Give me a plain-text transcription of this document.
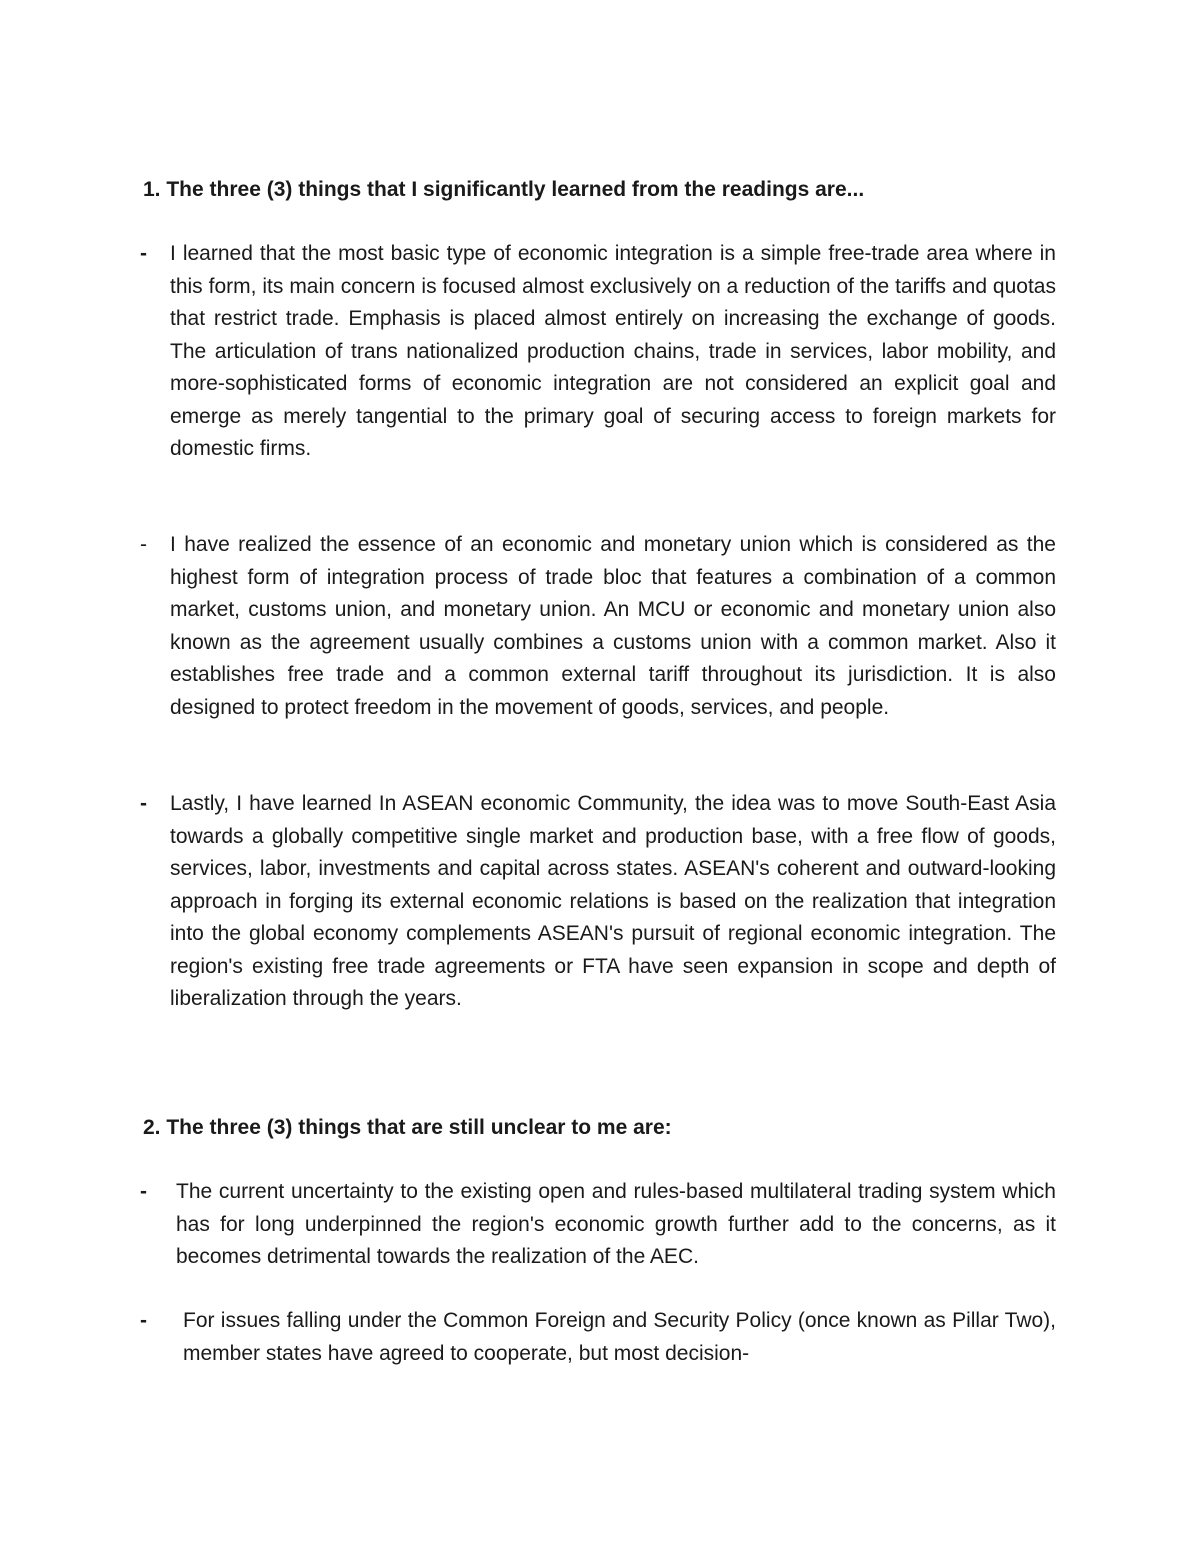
1. The three (3) things that I significantly learned from the readings are...
-	I learned that the most basic type of economic integration is a simple free-trade area where in this form, its main concern is focused almost exclusively on a reduction of the tariffs and quotas that restrict trade. Emphasis is placed almost entirely on increasing the exchange of goods. The articulation of trans nationalized production chains, trade in services, labor mobility, and more-sophisticated forms of economic integration are not considered an explicit goal and emerge as merely tangential to the primary goal of securing access to foreign markets for domestic firms.
-	I have realized the essence of an economic and monetary union which is considered as the highest form of integration process of trade bloc that features a combination of a common market, customs union, and monetary union. An MCU or economic and monetary union also known as the agreement usually combines a customs union with a common market. Also it establishes free trade and a common external tariff throughout its jurisdiction. It is also designed to protect freedom in the movement of goods, services, and people.
-	Lastly, I have learned In ASEAN economic Community, the idea was to move South-East Asia towards a globally competitive single market and production base, with a free flow of goods, services, labor, investments and capital across states. ASEAN's coherent and outward-looking approach in forging its external economic relations is based on the realization that integration into the global economy complements ASEAN's pursuit of regional economic integration. The region's existing free trade agreements or FTA have seen expansion in scope and depth of liberalization through the years.
2. The three (3) things that are still unclear to me are:
-	The current uncertainty to the existing open and rules-based multilateral trading system which has for long underpinned the region's economic growth further add to the concerns, as it becomes detrimental towards the realization of the AEC.
-	For issues falling under the Common Foreign and Security Policy (once known as Pillar Two), member states have agreed to cooperate, but most decision-
